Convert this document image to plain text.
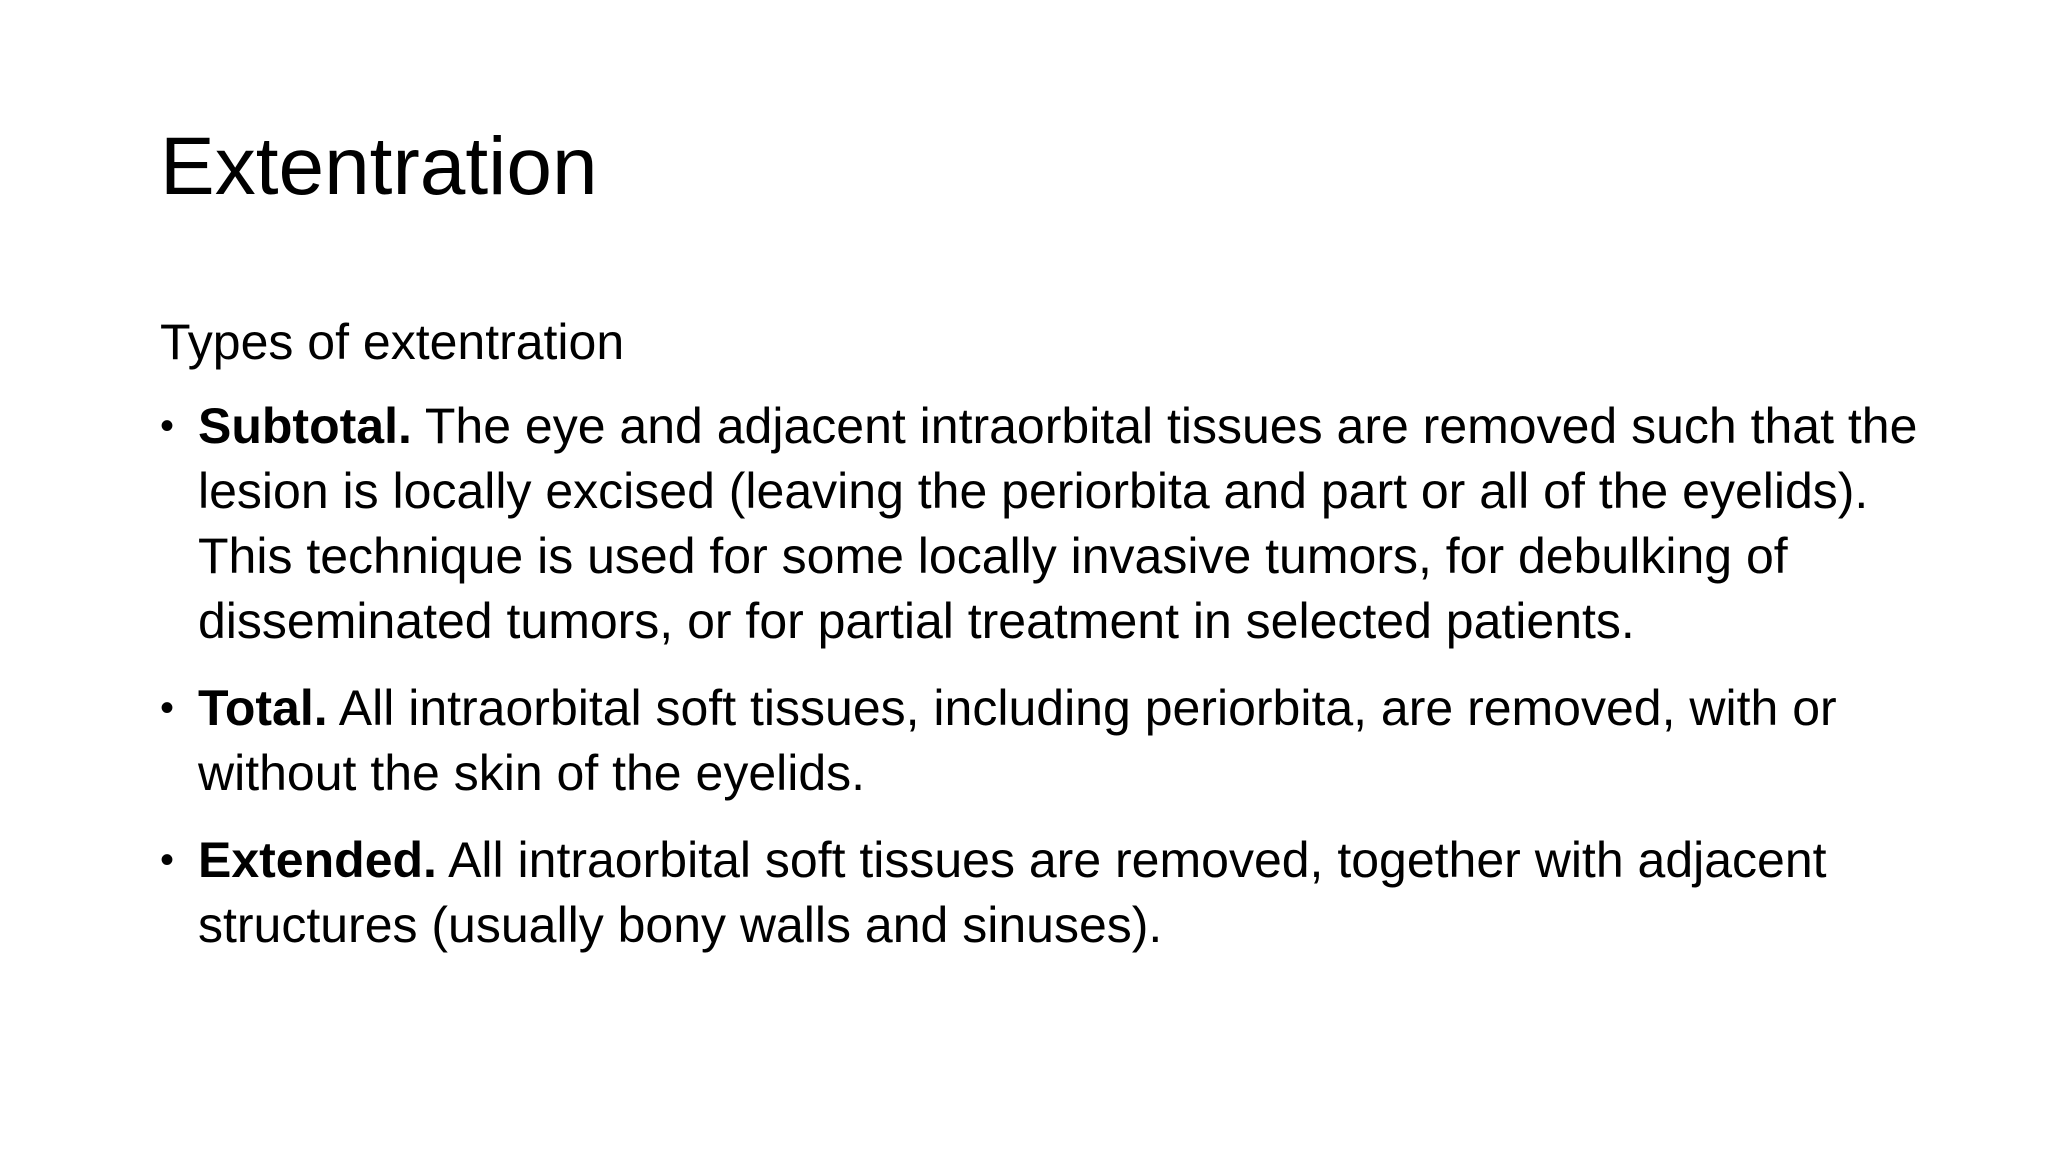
Extentration

Types of extentration

• Subtotal. The eye and adjacent intraorbital tissues are removed such that the lesion is locally excised (leaving the periorbita and part or all of the eyelids). This technique is used for some locally invasive tumors, for debulking of disseminated tumors, or for partial treatment in selected patients.
• Total. All intraorbital soft tissues, including periorbita, are removed, with or without the skin of the eyelids.
• Extended. All intraorbital soft tissues are removed, together with adjacent structures (usually bony walls and sinuses).
